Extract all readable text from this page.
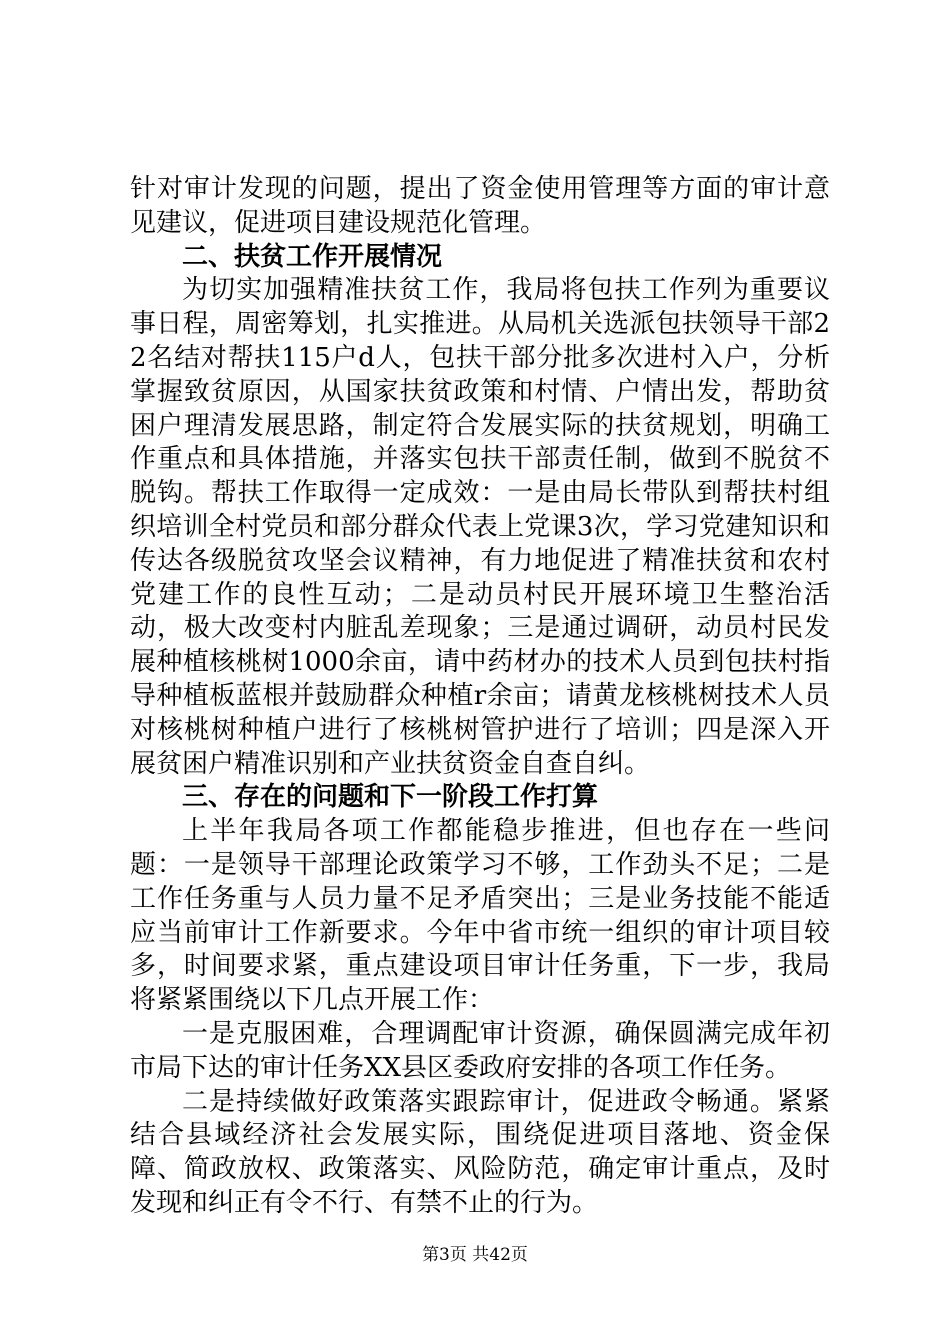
针对审计发现的问题，提出了资金使用管理等方面的审计意见建议，促进项目建设规范化管理。

二、扶贫工作开展情况

为切实加强精准扶贫工作，我局将包扶工作列为重要议事日程，周密筹划，扎实推进。从局机关选派包扶领导干部22名结对帮扶115户d人，包扶干部分批多次进村入户，分析掌握致贫原因，从国家扶贫政策和村情、户情出发，帮助贫困户理清发展思路，制定符合发展实际的扶贫规划，明确工作重点和具体措施，并落实包扶干部责任制，做到不脱贫不脱钩。帮扶工作取得一定成效：一是由局长带队到帮扶村组织培训全村党员和部分群众代表上党课3次，学习党建知识和传达各级脱贫攻坚会议精神，有力地促进了精准扶贫和农村党建工作的良性互动；二是动员村民开展环境卫生整治活动，极大改变村内脏乱差现象；三是通过调研，动员村民发展种植核桃树1000余亩，请中药材办的技术人员到包扶村指导种植板蓝根并鼓励群众种植r余亩；请黄龙核桃树技术人员对核桃树种植户进行了核桃树管护进行了培训；四是深入开展贫困户精准识别和产业扶贫资金自查自纠。

三、存在的问题和下一阶段工作打算

上半年我局各项工作都能稳步推进，但也存在一些问题：一是领导干部理论政策学习不够，工作劲头不足；二是工作任务重与人员力量不足矛盾突出；三是业务技能不能适应当前审计工作新要求。今年中省市统一组织的审计项目较多，时间要求紧，重点建设项目审计任务重，下一步，我局将紧紧围绕以下几点开展工作：

一是克服困难，合理调配审计资源，确保圆满完成年初市局下达的审计任务XX县区委政府安排的各项工作任务。

二是持续做好政策落实跟踪审计，促进政令畅通。紧紧结合县域经济社会发展实际，围绕促进项目落地、资金保障、简政放权、政策落实、风险防范，确定审计重点，及时发现和纠正有令不行、有禁不止的行为。

第3页 共42页
